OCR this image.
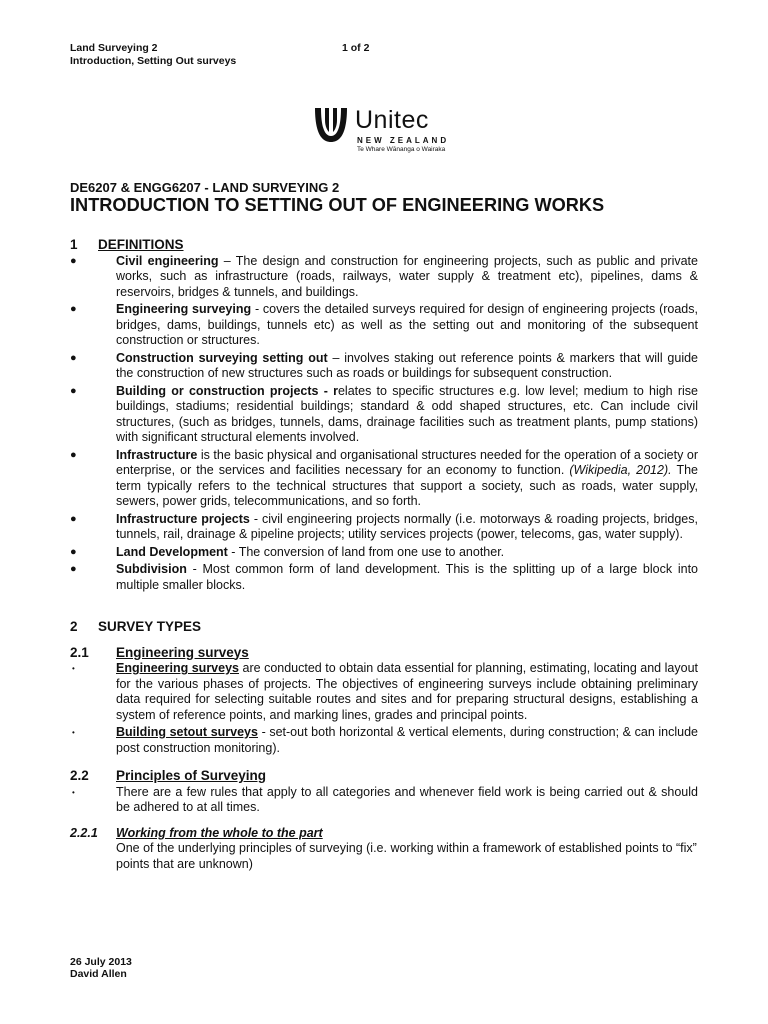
Land Surveying 2
Introduction, Setting Out surveys
1 of 2
Unitec
NEW ZEALAND
Te Whare Wānanga o Wairaka

DE6207 & ENGG6207 - LAND SURVEYING 2

INTRODUCTION TO SETTING OUT OF ENGINEERING WORKS

1 DEFINITIONS

●	Civil engineering – The design and construction for engineering projects, such as public and private works, such as infrastructure (roads, railways, water supply & treatment etc), pipelines, dams & reservoirs, bridges & tunnels, and buildings.
●	Engineering surveying - covers the detailed surveys required for design of engineering projects (roads, bridges, dams, buildings, tunnels etc) as well as the setting out and monitoring of the subsequent construction or structures.
●	Construction surveying setting out – involves staking out reference points & markers that will guide the construction of new structures such as roads or buildings for subsequent construction.
●	Building or construction projects - relates to specific structures e.g. low level; medium to high rise buildings, stadiums; residential buildings; standard & odd shaped structures, etc. Can include civil structures, (such as bridges, tunnels, dams, drainage facilities such as treatment plants, pump stations) with significant structural elements involved.
●	Infrastructure is the basic physical and organisational structures needed for the operation of a society or enterprise, or the services and facilities necessary for an economy to function. (Wikipedia, 2012). The term typically refers to the technical structures that support a society, such as roads, water supply, sewers, power grids, telecommunications, and so forth.
●	Infrastructure projects - civil engineering projects normally (i.e. motorways & roading projects, bridges, tunnels, rail, drainage & pipeline projects; utility services projects (power, telecoms, gas, water supply).
●	Land Development - The conversion of land from one use to another.
●	Subdivision - Most common form of land development. This is the splitting up of a large block into multiple smaller blocks.

2 SURVEY TYPES

2.1 Engineering surveys

•	Engineering surveys are conducted to obtain data essential for planning, estimating, locating and layout for the various phases of projects. The objectives of engineering surveys include obtaining preliminary data required for selecting suitable routes and sites and for preparing structural designs, establishing a system of reference points, and marking lines, grades and principal points.
•	Building setout surveys - set-out both horizontal & vertical elements, during construction; & can include post construction monitoring).

2.2 Principles of Surveying

•	There are a few rules that apply to all categories and whenever field work is being carried out & should be adhered to at all times.

2.2.1 Working from the whole to the part

One of the underlying principles of surveying (i.e. working within a framework of established points to “fix” points that are unknown)
26 July 2013
David Allen
